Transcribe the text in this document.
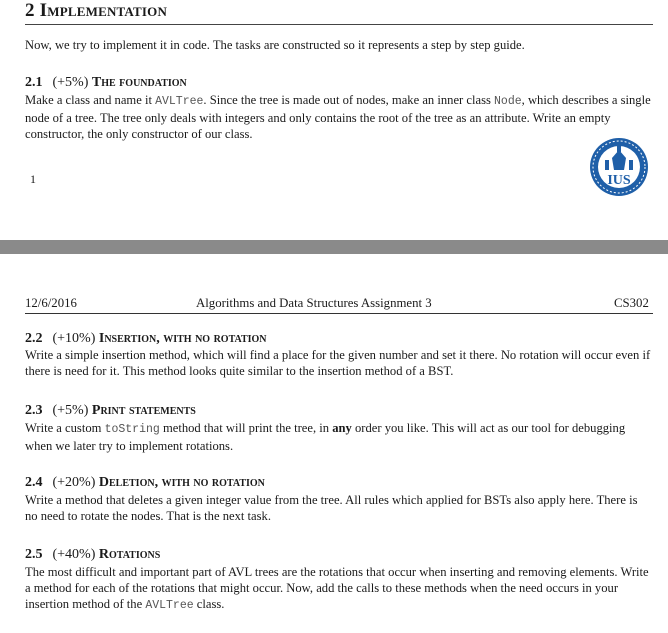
2 Implementation
Now, we try to implement it in code. The tasks are constructed so it represents a step by step guide.
2.1 (+5%) The foundation
Make a class and name it AVLTree. Since the tree is made out of nodes, make an inner class Node, which describes a single node of a tree. The tree only deals with integers and only contains the root of the tree as an attribute. Write an empty constructor, the only constructor of our class.
1	IUS
12/6/2016	Algorithms and Data Structures Assignment 3	CS302
2.2 (+10%) Insertion, with no rotation
Write a simple insertion method, which will find a place for the given number and set it there. No rotation will occur even if there is need for it. This method looks quite similar to the insertion method of a BST.
2.3 (+5%) Print statements
Write a custom toString method that will print the tree, in any order you like. This will act as our tool for debugging when we later try to implement rotations.
2.4 (+20%) Deletion, with no rotation
Write a method that deletes a given integer value from the tree. All rules which applied for BSTs also apply here. There is no need to rotate the nodes. That is the next task.
2.5 (+40%) Rotations
The most difficult and important part of AVL trees are the rotations that occur when inserting and removing elements. Write a method for each of the rotations that might occur. Now, add the calls to these methods when the need occurs in your insertion method of the AVLTree class.
